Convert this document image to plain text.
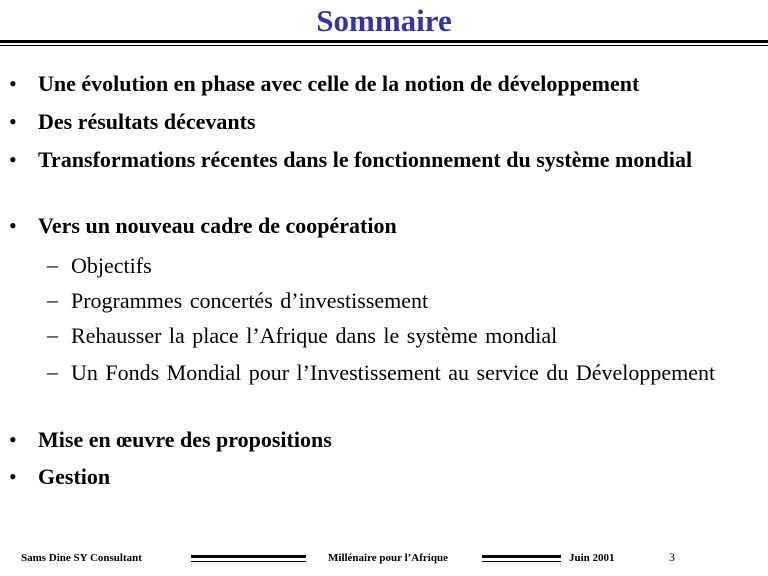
Sommaire
• Une évolution en phase avec celle de la notion de développement
• Des résultats décevants
• Transformations récentes dans le fonctionnement du système mondial
• Vers un nouveau cadre de coopération
– Objectifs
– Programmes concertés d’investissement
– Rehausser la place l’Afrique dans le système mondial
– Un Fonds Mondial pour l’Investissement au service du Développement
• Mise en œuvre des propositions
• Gestion
Sams Dine SY Consultant	Millénaire pour l’Afrique	Juin 2001	3
